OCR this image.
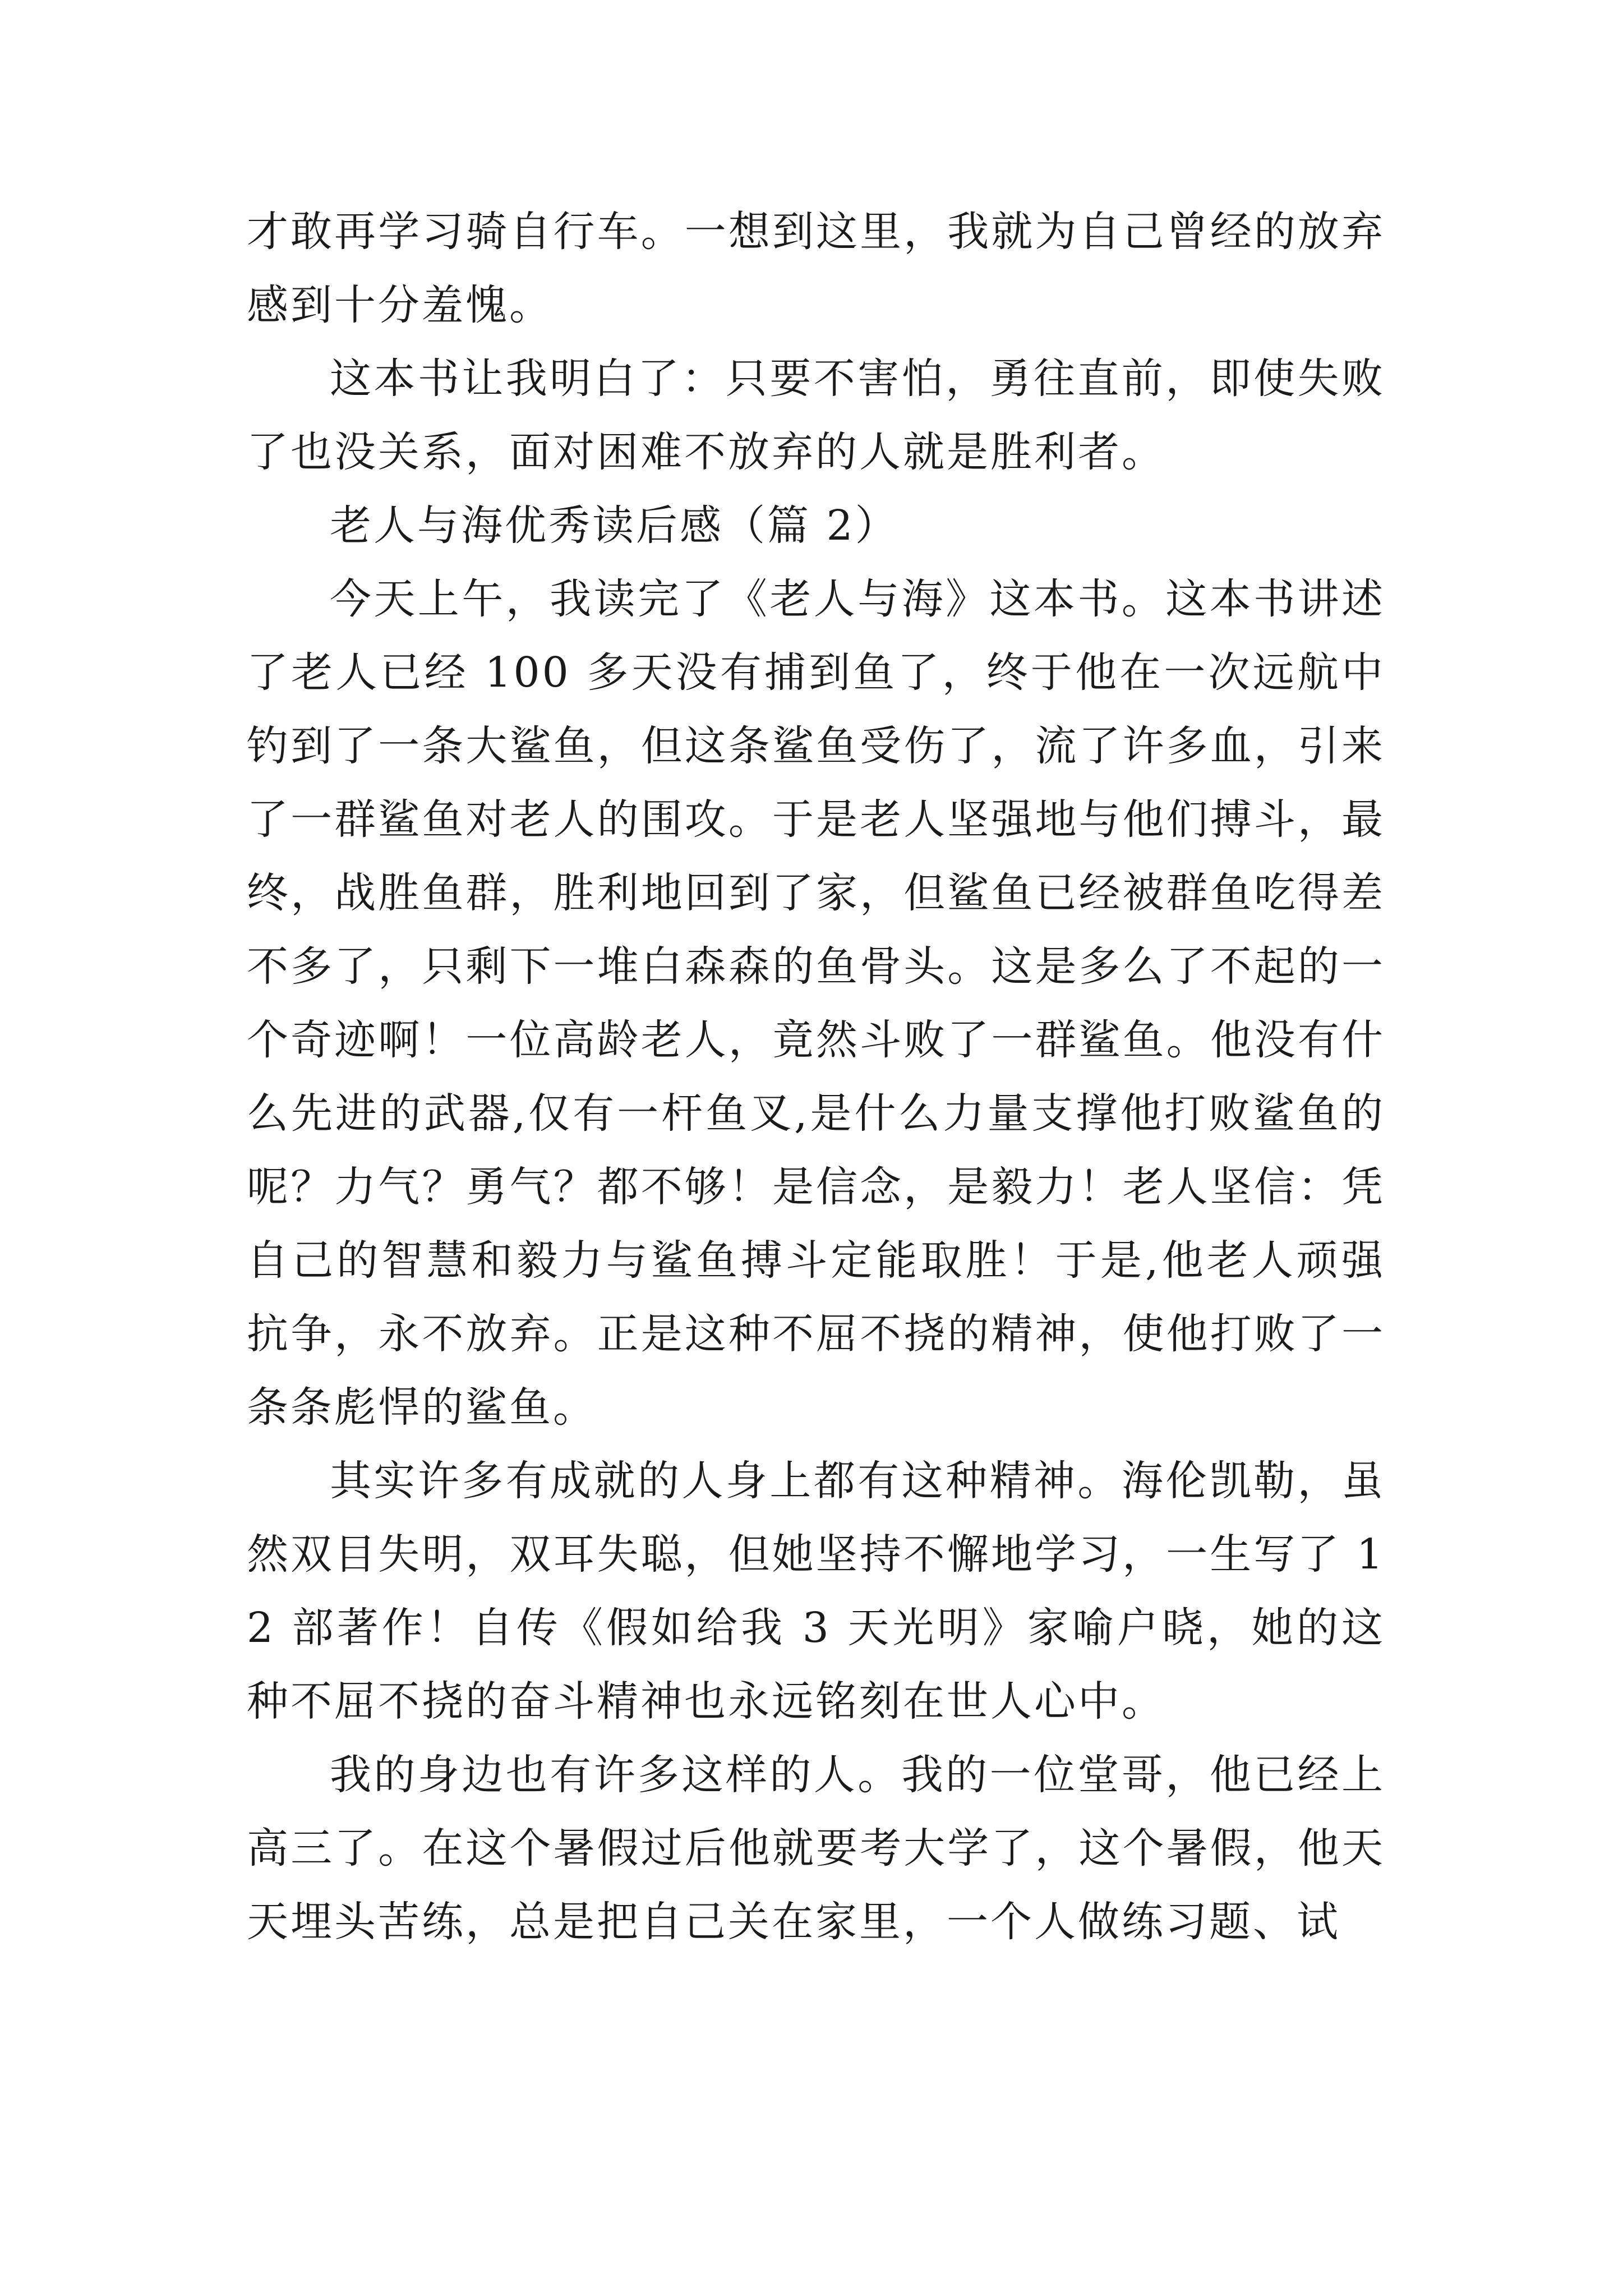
才敢再学习骑自行车。一想到这里，我就为自己曾经的放弃感到十分羞愧。

这本书让我明白了：只要不害怕，勇往直前，即使失败了也没关系，面对困难不放弃的人就是胜利者。

老人与海优秀读后感（篇 2）

今天上午，我读完了《老人与海》这本书。这本书讲述了老人已经 100 多天没有捕到鱼了，终于他在一次远航中钓到了一条大鲨鱼，但这条鲨鱼受伤了，流了许多血，引来了一群鲨鱼对老人的围攻。于是老人坚强地与他们搏斗，最终，战胜鱼群，胜利地回到了家，但鲨鱼已经被群鱼吃得差不多了，只剩下一堆白森森的鱼骨头。这是多么了不起的一个奇迹啊！一位高龄老人，竟然斗败了一群鲨鱼。他没有什么先进的武器,仅有一杆鱼叉,是什么力量支撑他打败鲨鱼的呢？力气？勇气？都不够！是信念，是毅力！老人坚信：凭自己的智慧和毅力与鲨鱼搏斗定能取胜！于是,他老人顽强抗争，永不放弃。正是这种不屈不挠的精神，使他打败了一条条彪悍的鲨鱼。

其实许多有成就的人身上都有这种精神。海伦凯勒，虽然双目失明，双耳失聪，但她坚持不懈地学习，一生写了 12 部著作！自传《假如给我 3 天光明》家喻户晓，她的这种不屈不挠的奋斗精神也永远铭刻在世人心中。

我的身边也有许多这样的人。我的一位堂哥，他已经上高三了。在这个暑假过后他就要考大学了，这个暑假，他天天埋头苦练，总是把自己关在家里，一个人做练习题、试
